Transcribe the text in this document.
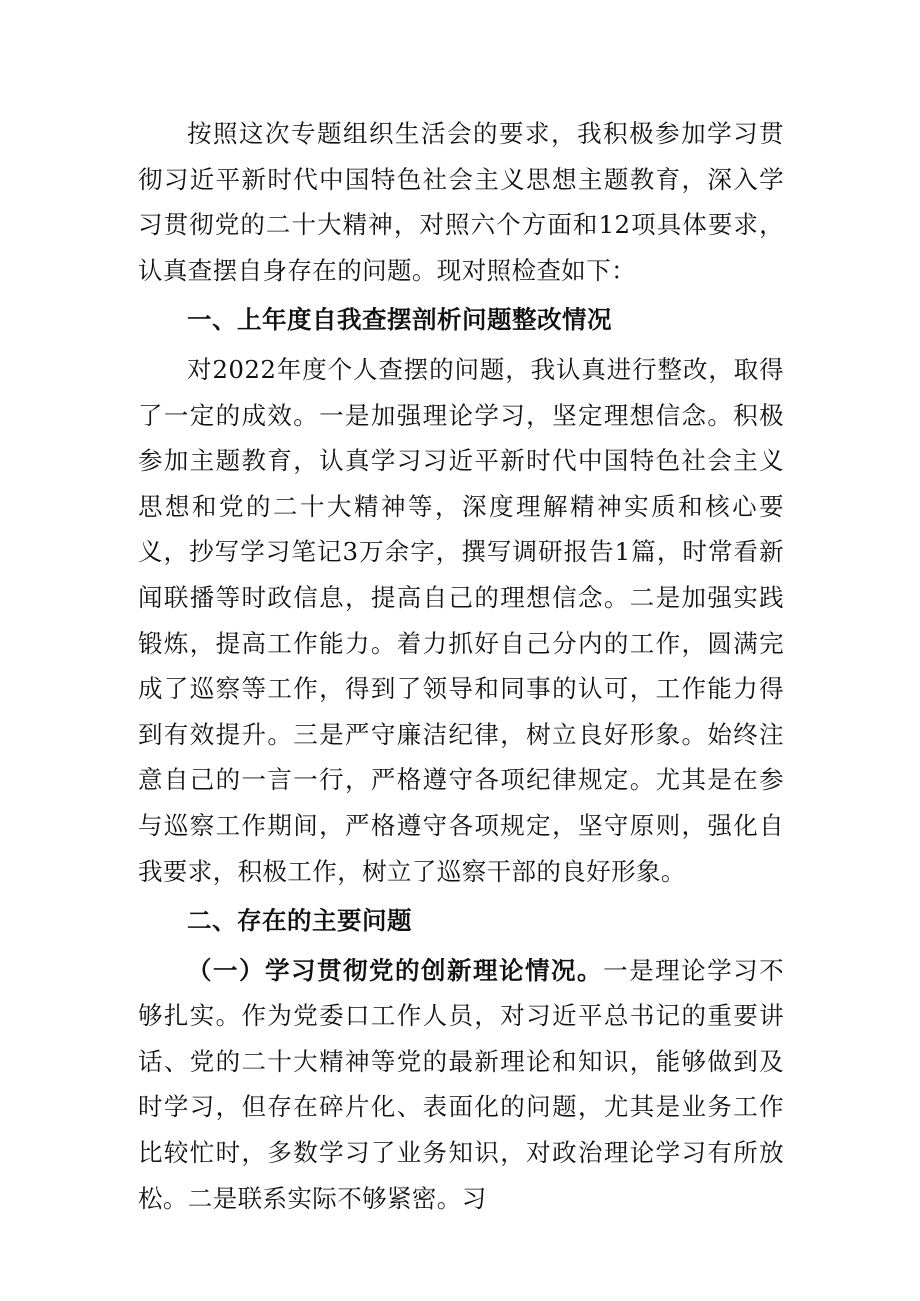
按照这次专题组织生活会的要求，我积极参加学习贯彻习近平新时代中国特色社会主义思想主题教育，深入学习贯彻党的二十大精神，对照六个方面和12项具体要求，认真查摆自身存在的问题。现对照检查如下：

一、上年度自我查摆剖析问题整改情况

对2022年度个人查摆的问题，我认真进行整改，取得了一定的成效。一是加强理论学习，坚定理想信念。积极参加主题教育，认真学习习近平新时代中国特色社会主义思想和党的二十大精神等，深度理解精神实质和核心要义，抄写学习笔记3万余字，撰写调研报告1篇，时常看新闻联播等时政信息，提高自己的理想信念。二是加强实践锻炼，提高工作能力。着力抓好自己分内的工作，圆满完成了巡察等工作，得到了领导和同事的认可，工作能力得到有效提升。三是严守廉洁纪律，树立良好形象。始终注意自己的一言一行，严格遵守各项纪律规定。尤其是在参与巡察工作期间，严格遵守各项规定，坚守原则，强化自我要求，积极工作，树立了巡察干部的良好形象。

二、存在的主要问题

（一）学习贯彻党的创新理论情况。一是理论学习不够扎实。作为党委口工作人员，对习近平总书记的重要讲话、党的二十大精神等党的最新理论和知识，能够做到及时学习，但存在碎片化、表面化的问题，尤其是业务工作比较忙时，多数学习了业务知识，对政治理论学习有所放松。二是联系实际不够紧密。习
